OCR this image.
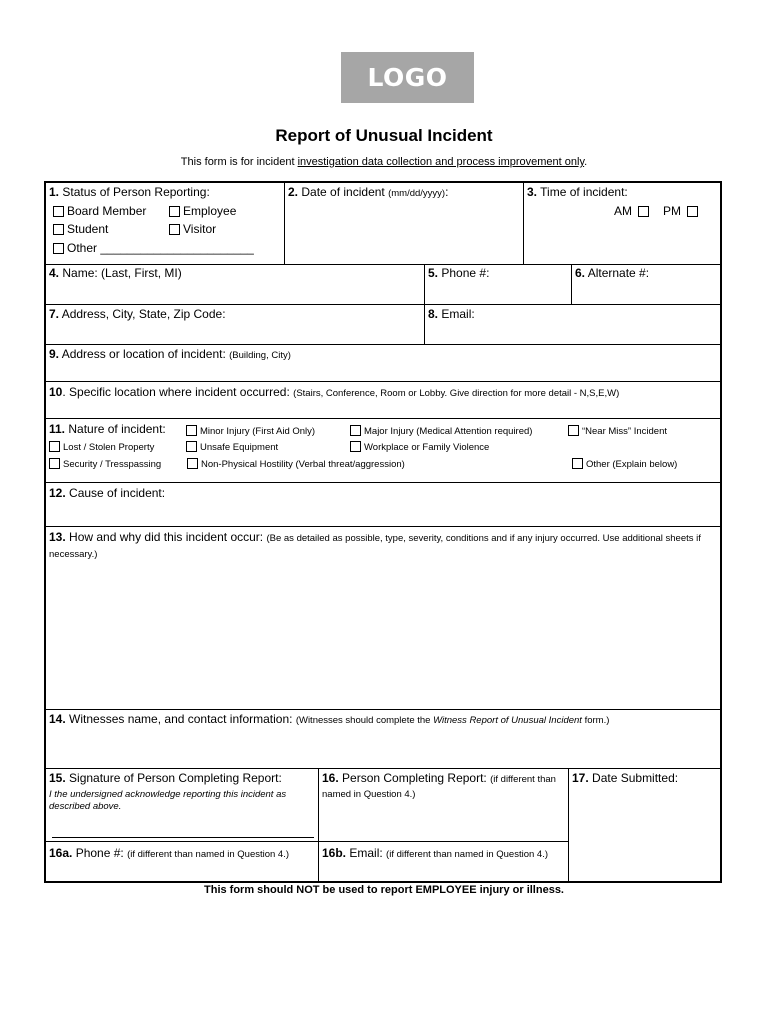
LOGO
Report of Unusual Incident
This form is for incident investigation data collection and process improvement only.
1. Status of Person Reporting:
Board Member	Employee
Student	Visitor
Other _______________________
2. Date of incident (mm/dd/yyyy):	3. Time of incident:
AM	PM
4. Name: (Last, First, MI)	5. Phone #:	6. Alternate #:
7. Address, City, State, Zip Code:	8. Email:
9. Address or location of incident: (Building, City)
10. Specific location where incident occurred: (Stairs, Conference, Room or Lobby. Give direction for more detail - N,S,E,W)
11. Nature of incident:	Minor Injury (First Aid Only)	Major Injury (Medical Attention required)	“Near Miss” Incident
Lost / Stolen Property	Unsafe Equipment	Workplace or Family Violence
Security / Tresspassing	Non-Physical Hostility (Verbal threat/aggression)	Other (Explain below)
12. Cause of incident:
13. How and why did this incident occur: (Be as detailed as possible, type, severity, conditions and if any injury occurred. Use additional sheets if necessary.)
14. Witnesses name, and contact information: (Witnesses should complete the Witness Report of Unusual Incident form.)
15. Signature of Person Completing Report:
I the undersigned acknowledge reporting this incident as described above.
16. Person Completing Report: (if different than named in Question 4.)
17. Date Submitted:
16a. Phone #: (if different than named in Question 4.)	16b. Email: (if different than named in Question 4.)
This form should NOT be used to report EMPLOYEE injury or illness.
